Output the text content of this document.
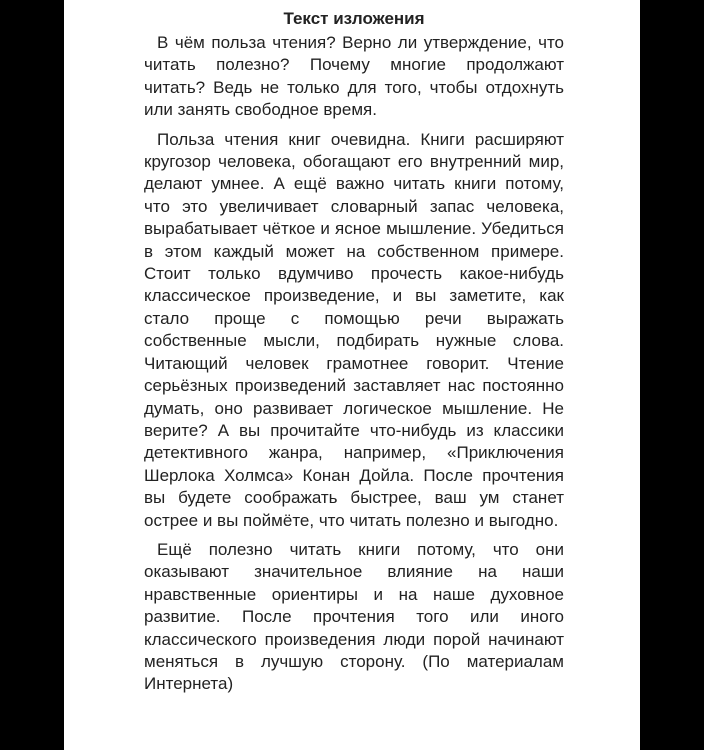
Текст изложения

В чём польза чтения? Верно ли утверждение, что читать полезно? Почему многие продолжают читать? Ведь не только для того, чтобы отдохнуть или занять свободное время.

Польза чтения книг очевидна. Книги расширяют кругозор человека, обогащают его внутренний мир, делают умнее. А ещё важно читать книги потому, что это увеличивает словарный запас человека, вырабатывает чёткое и ясное мышление. Убедиться в этом каждый может на собственном примере. Стоит только вдумчиво прочесть какое-нибудь классическое произведение, и вы заметите, как стало проще с помощью речи выражать собственные мысли, подбирать нужные слова. Читающий человек грамотнее говорит. Чтение серьёзных произведений заставляет нас постоянно думать, оно развивает логическое мышление. Не верите? А вы прочитайте что-нибудь из классики детективного жанра, например, «Приключения Шерлока Холмса» Конан Дойла. После прочтения вы будете соображать быстрее, ваш ум станет острее и вы поймёте, что читать полезно и выгодно.

Ещё полезно читать книги потому, что они оказывают значительное влияние на наши нравственные ориентиры и на наше духовное развитие. После прочтения того или иного классического произведения люди порой начинают меняться в лучшую сторону. (По материалам Интернета)
